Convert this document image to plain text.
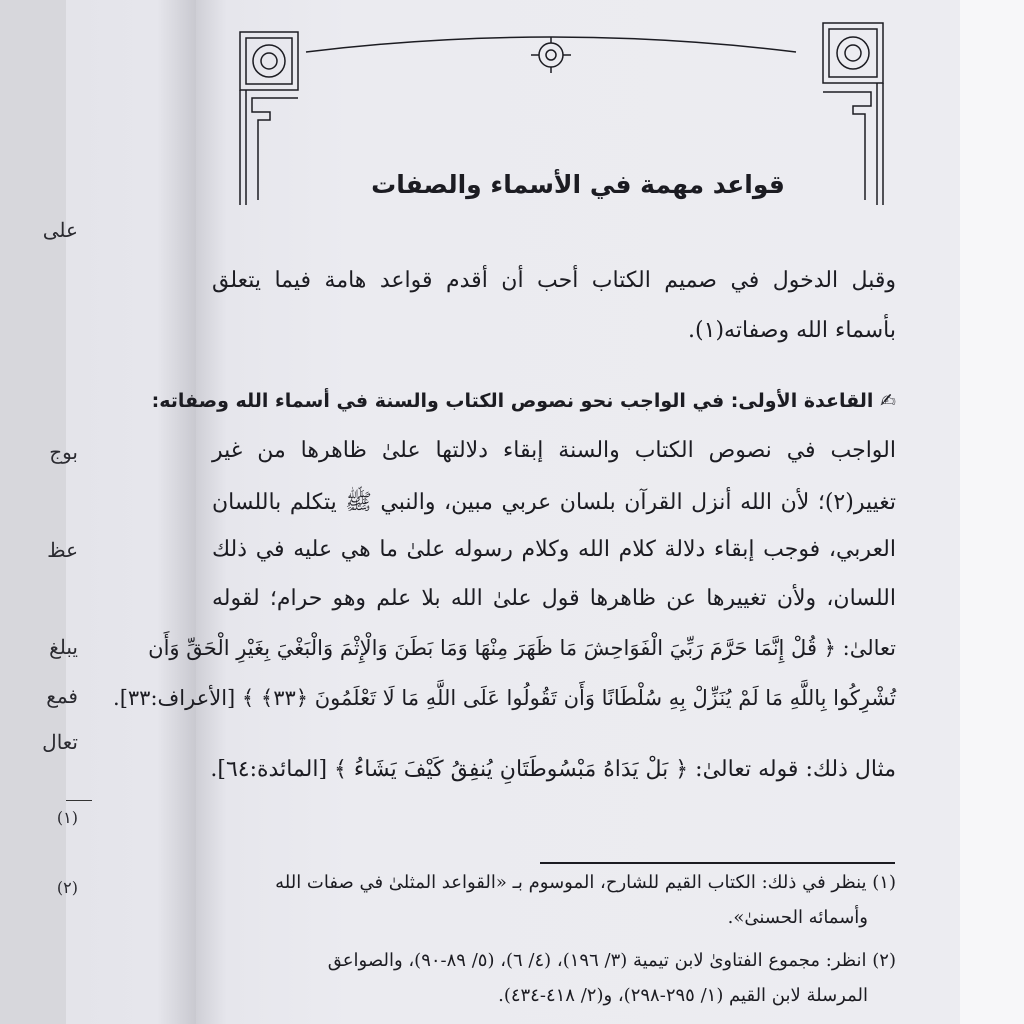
على
بوج
عظ
يبلغ
فمع
تعال
(١)
(٢)
قواعد مهمة في الأسماء والصفات
وقبل الدخول في صميم الكتاب أحب أن أقدم قواعد هامة فيما يتعلق
بأسماء الله وصفاته(١).
✍ القاعدة الأولى: في الواجب نحو نصوص الكتاب والسنة في أسماء الله وصفاته:
الواجب في نصوص الكتاب والسنة إبقاء دلالتها علىٰ ظاهرها من غير
تغيير(٢)؛ لأن الله أنزل القرآن بلسان عربي مبين، والنبي ﷺ يتكلم باللسان
العربي، فوجب إبقاء دلالة كلام الله وكلام رسوله علىٰ ما هي عليه في ذلك
اللسان، ولأن تغييرها عن ظاهرها قول علىٰ الله بلا علم وهو حرام؛ لقوله
تعالىٰ: ﴿ قُلْ إِنَّمَا حَرَّمَ رَبِّيَ الْفَوَاحِشَ مَا ظَهَرَ مِنْهَا وَمَا بَطَنَ وَالْإِثْمَ وَالْبَغْيَ بِغَيْرِ الْحَقِّ وَأَن
تُشْرِكُوا بِاللَّهِ مَا لَمْ يُنَزِّلْ بِهِ سُلْطَانًا وَأَن تَقُولُوا عَلَى اللَّهِ مَا لَا تَعْلَمُونَ ﴿٣٣﴾ ﴾ [الأعراف:٣٣].
مثال ذلك: قوله تعالىٰ: ﴿ بَلْ يَدَاهُ مَبْسُوطَتَانِ يُنفِقُ كَيْفَ يَشَاءُ ﴾ [المائدة:٦٤].
(١) ينظر في ذلك: الكتاب القيم للشارح، الموسوم بـ «القواعد المثلىٰ في صفات الله
وأسمائه الحسنىٰ».
(٢) انظر: مجموع الفتاوىٰ لابن تيمية (٣/ ١٩٦)، (٤/ ٦)، (٥/ ٨٩-٩٠)، والصواعق
المرسلة لابن القيم (١/ ٢٩٥-٢٩٨)، و(٢/ ٤١٨-٤٣٤).
